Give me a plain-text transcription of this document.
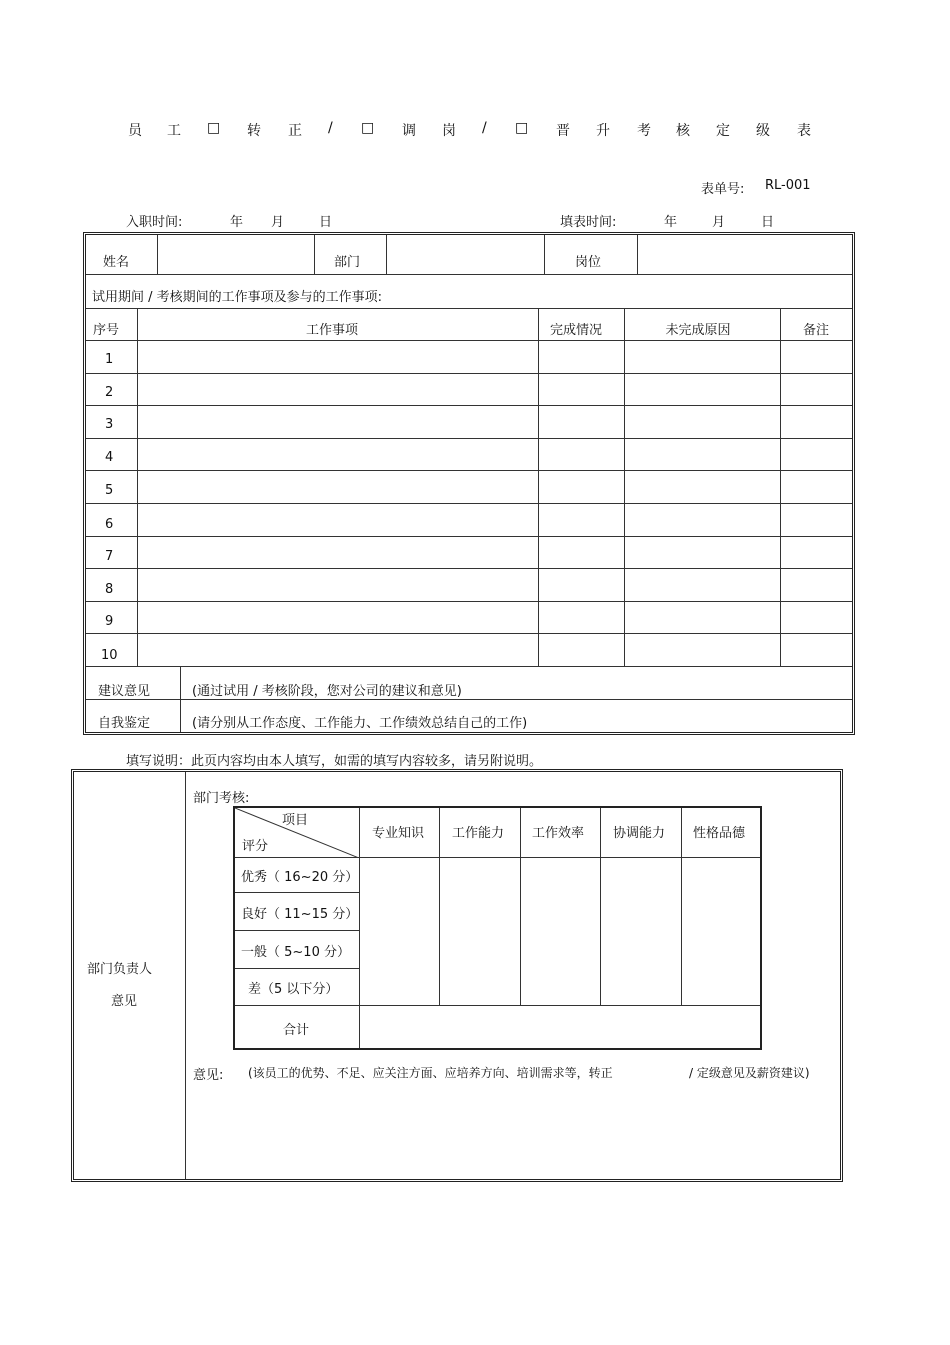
员 工 □ 转 正 / □ 调 岗 / □ 晋 升 考 核 定 级 表
表单号: RL-001
入职时间:	年 月	日	填表时间:	年	月	日
姓名	部门	岗位
试用期间 / 考核期间的工作事项及参与的工作事项:
序号	工作事项	完成情况	未完成原因	备注
1
2
3
4
5
6
7
8
9
10
建议意见	(通过试用 / 考核阶段，您对公司的建议和意见)
自我鉴定	(请分别从工作态度、工作能力、工作绩效总结自己的工作)
填写说明：此页内容均由本人填写，如需的填写内容较多，请另附说明。
部门负责人
意见
部门考核:
项目
评分
专业知识 工作能力 工作效率 协调能力 性格品德
优秀（ 16~20 分）
良好（ 11~15 分）
一般（ 5~10 分）
差（5 以下分）
合计
意见: (该员工的优势、不足、应关注方面、应培养方向、培训需求等，转正	/ 定级意见及薪资建议)
